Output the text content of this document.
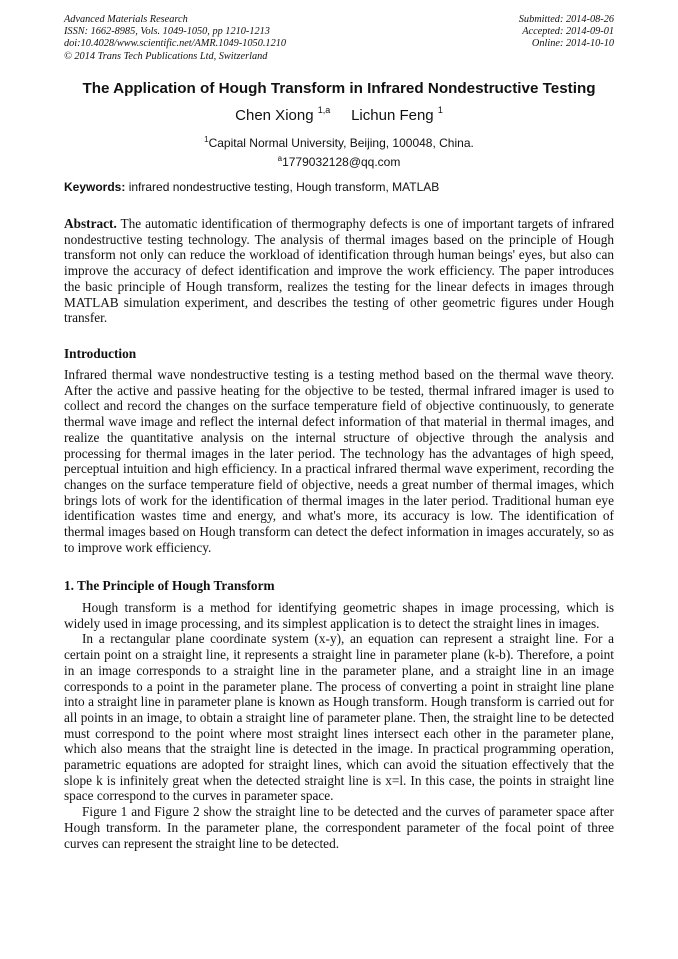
Advanced Materials Research
ISSN: 1662-8985, Vols. 1049-1050, pp 1210-1213
doi:10.4028/www.scientific.net/AMR.1049-1050.1210
© 2014 Trans Tech Publications Ltd, Switzerland
Submitted: 2014-08-26
Accepted: 2014-09-01
Online: 2014-10-10
The Application of Hough Transform in Infrared Nondestructive Testing
Chen Xiong $^{1,a}$ Lichun Feng $^1$
$^1$Capital Normal University, Beijing, 100048, China.
$^a$1779032128@qq.com
Keywords: infrared nondestructive testing, Hough transform, MATLAB
Abstract. The automatic identification of thermography defects is one of important targets of infrared nondestructive testing technology. The analysis of thermal images based on the principle of Hough transform not only can reduce the workload of identification through human beings' eyes, but also can improve the accuracy of defect identification and improve the work efficiency. The paper introduces the basic principle of Hough transform, realizes the testing for the linear defects in images through MATLAB simulation experiment, and describes the testing of other geometric figures under Hough transfer.
Introduction
Infrared thermal wave nondestructive testing is a testing method based on the thermal wave theory. After the active and passive heating for the objective to be tested, thermal infrared imager is used to collect and record the changes on the surface temperature field of objective continuously, to generate thermal wave image and reflect the internal defect information of that material in thermal images, and realize the quantitative analysis on the internal structure of objective through the analysis and processing for thermal images in the later period. The technology has the advantages of high speed, perceptual intuition and high efficiency. In a practical infrared thermal wave experiment, recording the changes on the surface temperature field of objective, needs a great number of thermal images, which brings lots of work for the identification of thermal images in the later period. Traditional human eye identification wastes time and energy, and what's more, its accuracy is low. The identification of thermal images based on Hough transform can detect the defect information in images accurately, so as to improve work efficiency.
1. The Principle of Hough Transform

Hough transform is a method for identifying geometric shapes in image processing, which is widely used in image processing, and its simplest application is to detect the straight lines in images.

In a rectangular plane coordinate system (x-y), an equation can represent a straight line. For a certain point on a straight line, it represents a straight line in parameter plane (k-b). Therefore, a point in an image corresponds to a straight line in the parameter plane, and a straight line in an image corresponds to a point in the parameter plane. The process of converting a point in straight line plane into a straight line in parameter plane is known as Hough transform. Hough transform is carried out for all points in an image, to obtain a straight line of parameter plane. Then, the straight line to be detected must correspond to the point where most straight lines intersect each other in the parameter plane, which also means that the straight line is detected in the image. In practical programming operation, parametric equations are adopted for straight lines, which can avoid the situation effectively that the slope k is infinitely great when the detected straight line is x=l. In this case, the points in straight line space correspond to the curves in parameter space.

Figure 1 and Figure 2 show the straight line to be detected and the curves of parameter space after Hough transform. In the parameter plane, the correspondent parameter of the focal point of three curves can represent the straight line to be detected.
